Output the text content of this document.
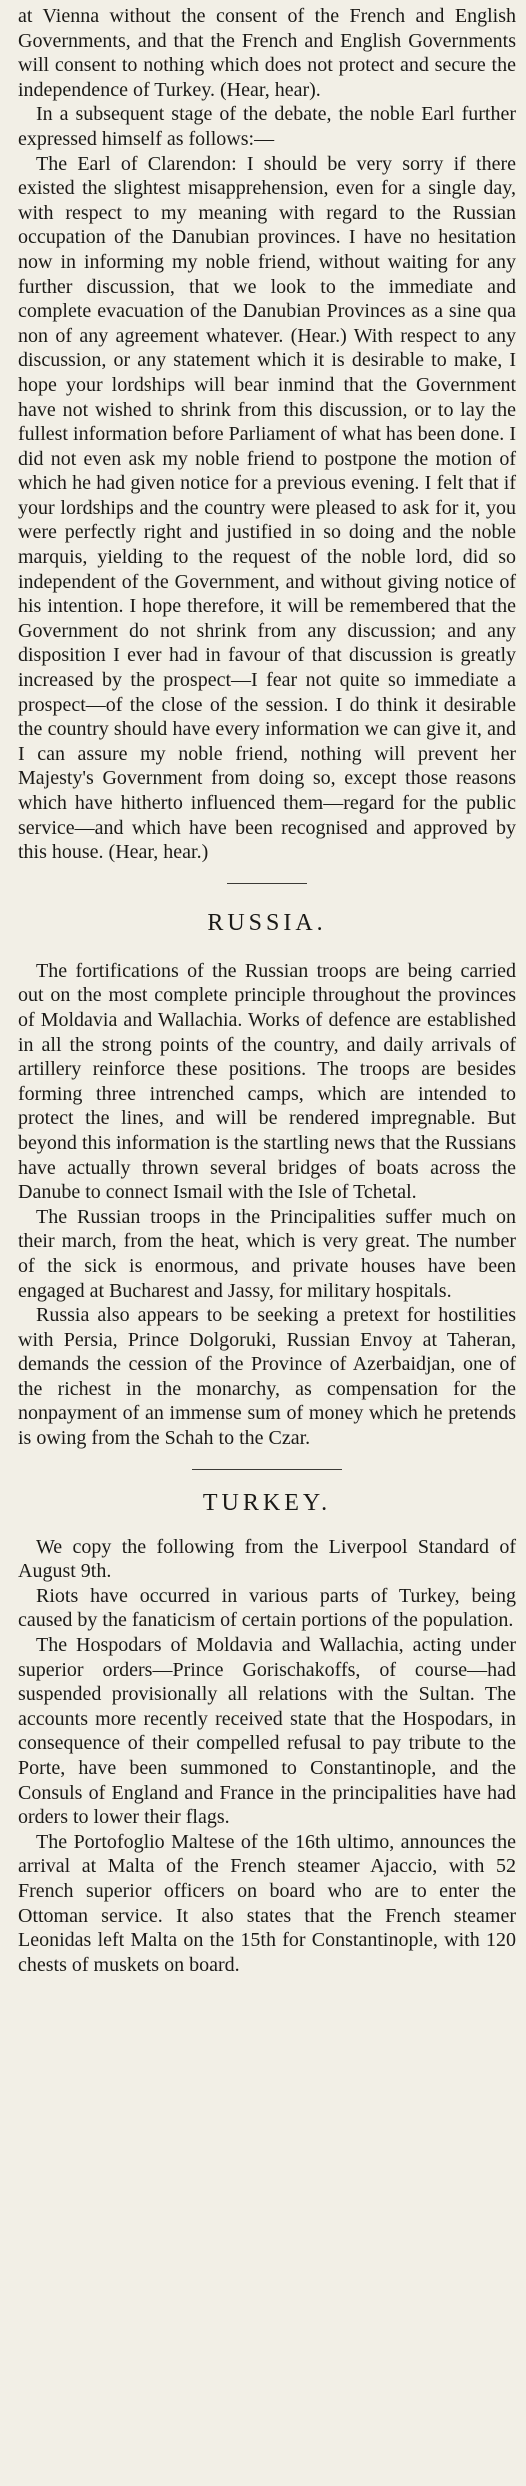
at Vienna without the consent of the French and English Governments, and that the French and English Governments will consent to nothing which does not protect and secure the independence of Turkey. (Hear, hear).

In a subsequent stage of the debate, the noble Earl further expressed himself as follows:—

The Earl of Clarendon: I should be very sorry if there existed the slightest misapprehension, even for a single day, with respect to my meaning with regard to the Russian occupation of the Danubian provinces. I have no hesitation now in informing my noble friend, without waiting for any further discussion, that we look to the immediate and complete evacuation of the Danubian Provinces as a sine qua non of any agreement whatever. (Hear.) With respect to any discussion, or any statement which it is desirable to make, I hope your lordships will bear inmind that the Government have not wished to shrink from this discussion, or to lay the fullest information before Parliament of what has been done. I did not even ask my noble friend to postpone the motion of which he had given notice for a previous evening. I felt that if your lordships and the country were pleased to ask for it, you were perfectly right and justified in so doing and the noble marquis, yielding to the request of the noble lord, did so independent of the Government, and without giving notice of his intention. I hope therefore, it will be remembered that the Government do not shrink from any discussion; and any disposition I ever had in favour of that discussion is greatly increased by the prospect—I fear not quite so immediate a prospect—of the close of the session. I do think it desirable the country should have every information we can give it, and I can assure my noble friend, nothing will prevent her Majesty's Government from doing so, except those reasons which have hitherto influenced them—regard for the public service—and which have been recognised and approved by this house. (Hear, hear.)

RUSSIA.

The fortifications of the Russian troops are being carried out on the most complete principle throughout the provinces of Moldavia and Wallachia. Works of defence are established in all the strong points of the country, and daily arrivals of artillery reinforce these positions. The troops are besides forming three intrenched camps, which are intended to protect the lines, and will be rendered impregnable. But beyond this information is the startling news that the Russians have actually thrown several bridges of boats across the Danube to connect Ismail with the Isle of Tchetal.

The Russian troops in the Principalities suffer much on their march, from the heat, which is very great. The number of the sick is enormous, and private houses have been engaged at Bucharest and Jassy, for military hospitals.

Russia also appears to be seeking a pretext for hostilities with Persia, Prince Dolgoruki, Russian Envoy at Taheran, demands the cession of the Province of Azerbaidjan, one of the richest in the monarchy, as compensation for the nonpayment of an immense sum of money which he pretends is owing from the Schah to the Czar.

TURKEY.

We copy the following from the Liverpool Standard of August 9th.

Riots have occurred in various parts of Turkey, being caused by the fanaticism of certain portions of the population.

The Hospodars of Moldavia and Wallachia, acting under superior orders—Prince Gorischakoffs, of course—had suspended provisionally all relations with the Sultan. The accounts more recently received state that the Hospodars, in consequence of their compelled refusal to pay tribute to the Porte, have been summoned to Constantinople, and the Consuls of England and France in the principalities have had orders to lower their flags.

The Portofoglio Maltese of the 16th ultimo, announces the arrival at Malta of the French steamer Ajaccio, with 52 French superior officers on board who are to enter the Ottoman service. It also states that the French steamer Leonidas left Malta on the 15th for Constantinople, with 120 chests of muskets on board.
